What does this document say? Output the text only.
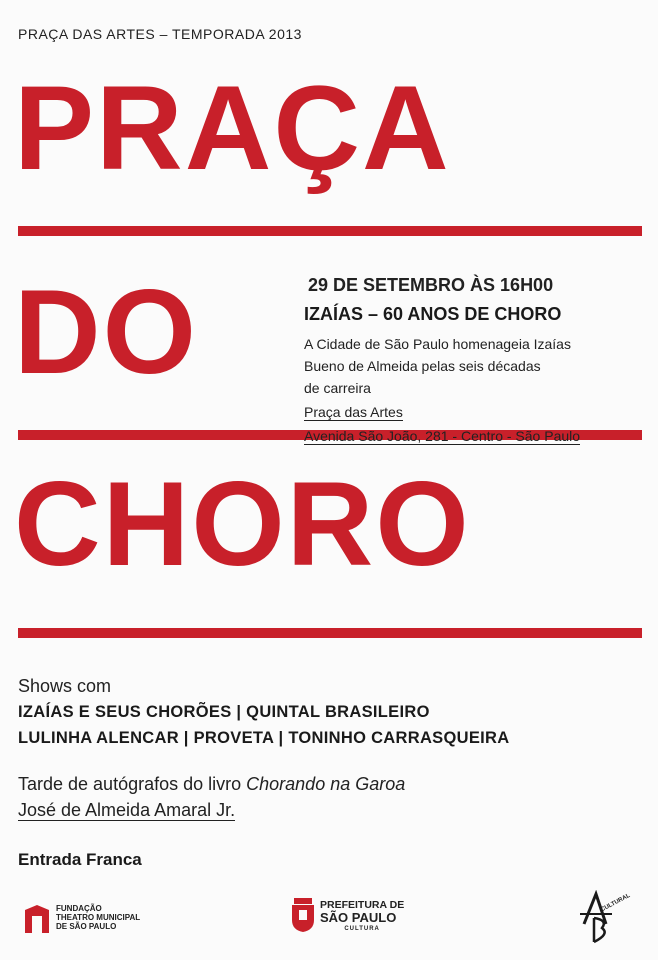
PRAÇA DAS ARTES – TEMPORADA 2013
PRAÇA
DO
CHORO
29 DE SETEMBRO ÀS 16H00
IZAÍAS – 60 ANOS DE CHORO
A Cidade de São Paulo homenageia Izaías
Bueno de Almeida pelas seis décadas
de carreira
Praça das Artes
Avenida São João, 281 - Centro - São Paulo
Shows com
IZAÍAS E SEUS CHORÕES | QUINTAL BRASILEIRO
LULINHA ALENCAR | PROVETA | TONINHO CARRASQUEIRA
Tarde de autógrafos do livro Chorando na Garoa
José de Almeida Amaral Jr.
Entrada Franca
FUNDAÇÃO
THEATRO MUNICIPAL
DE SÃO PAULO
PREFEITURA DE
SÃO PAULO
CULTURA
CULTURAL
